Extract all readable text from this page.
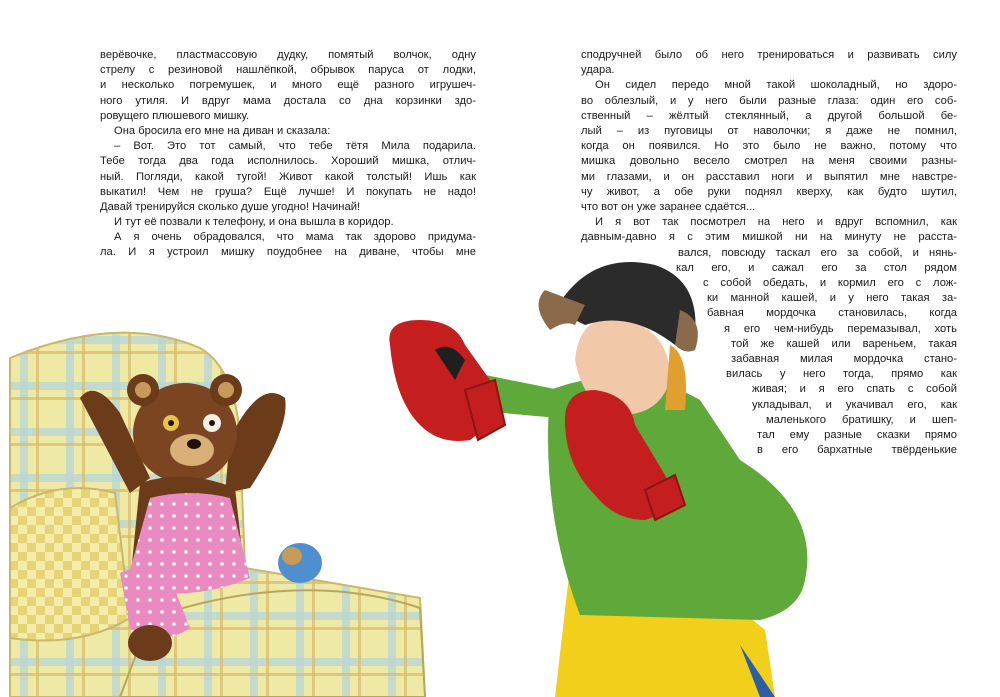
верёвочке, пластмассовую дудку, помятый волчок, одну
стрелу с резиновой нашлёпкой, обрывок паруса от лодки,
и несколько погремушек, и много ещё разного игрушеч-
ного утиля. И вдруг мама достала со дна корзинки здо-
ровущего плюшевого мишку.
Она бросила его мне на диван и сказала:
– Вот. Это тот самый, что тебе тётя Мила подарила.
Тебе тогда два года исполнилось. Хороший мишка, отлич-
ный. Погляди, какой тугой! Живот какой толстый! Ишь как
выкатил! Чем не груша? Ещё лучше! И покупать не надо!
Давай тренируйся сколько душе угодно! Начинай!
И тут её позвали к телефону, и она вышла в коридор.
А я очень обрадовался, что мама так здорово придума-
ла. И я устроил мишку поудобнее на диване, чтобы мне
сподручней было об него тренироваться и развивать силу
удара.
Он сидел передо мной такой шоколадный, но здоро-
во облезлый, и у него были разные глаза: один его соб-
ственный – жёлтый стеклянный, а другой большой бе-
лый – из пуговицы от наволочки; я даже не помнил,
когда он появился. Но это было не важно, потому что
мишка довольно весело смотрел на меня своими разны-
ми глазами, и он расставил ноги и выпятил мне навстре-
чу живот, а обе руки поднял кверху, как будто шутил,
что вот он уже заранее сдаётся...
И я вот так посмотрел на него и вдруг вспомнил, как
давным-давно я с этим мишкой ни на минуту не расста-
вался, повсюду таскал его за собой, и нянь-
кал его, и сажал его за стол рядом
с собой обедать, и кормил его с лож-
ки манной кашей, и у него такая за-
бавная мордочка становилась, когда
я его чем-нибудь перемазывал, хоть
той же кашей или вареньем, такая
забавная милая мордочка стано-
вилась у него тогда, прямо как
живая; и я его спать с собой
укладывал, и укачивал его, как
маленького братишку, и шеп-
тал ему разные сказки прямо
в его бархатные твёрденькие
